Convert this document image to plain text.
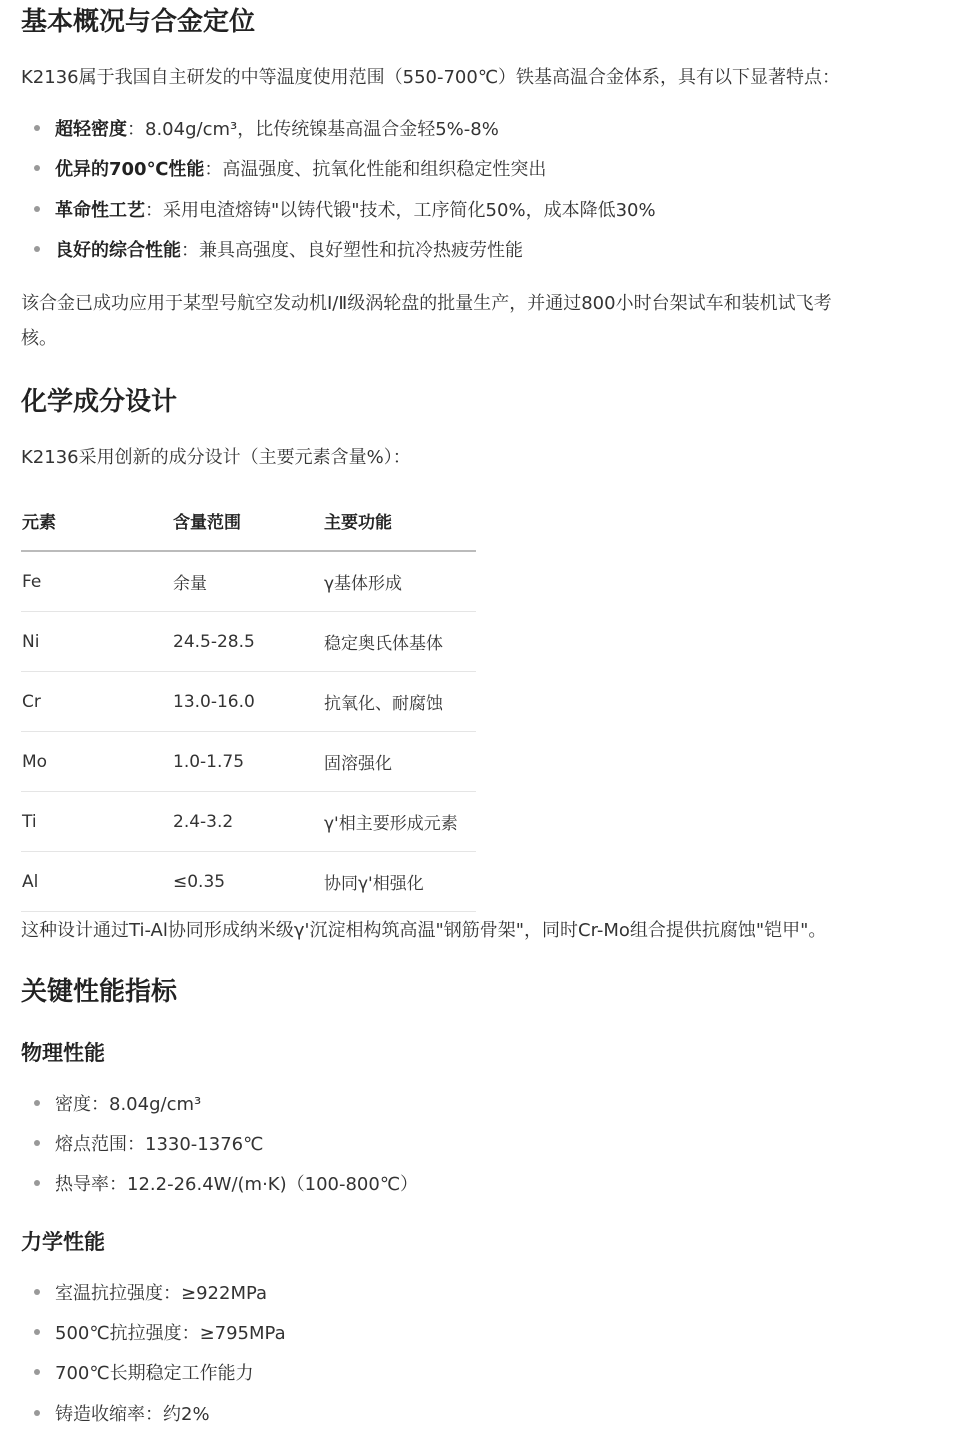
基本概况与合金定位
K2136属于我国自主研发的中等温度使用范围（550-700℃）铁基高温合金体系，具有以下显著特点：
超轻密度：8.04g/cm³，比传统镍基高温合金轻5%-8%
优异的700℃性能：高温强度、抗氧化性能和组织稳定性突出
革命性工艺：采用电渣熔铸"以铸代锻"技术，工序简化50%，成本降低30%
良好的综合性能：兼具高强度、良好塑性和抗冷热疲劳性能
该合金已成功应用于某型号航空发动机Ⅰ/Ⅱ级涡轮盘的批量生产，并通过800小时台架试车和装机试飞考
核。
化学成分设计
K2136采用创新的成分设计（主要元素含量%）：
元素	含量范围	主要功能
Fe	余量	γ基体形成
Ni	24.5-28.5	稳定奥氏体基体
Cr	13.0-16.0	抗氧化、耐腐蚀
Mo	1.0-1.75	固溶强化
Ti	2.4-3.2	γ'相主要形成元素
Al	≤0.35	协同γ'相强化
这种设计通过Ti-Al协同形成纳米级γ'沉淀相构筑高温"钢筋骨架"，同时Cr-Mo组合提供抗腐蚀"铠甲"。
关键性能指标
物理性能
密度：8.04g/cm³
熔点范围：1330-1376℃
热导率：12.2-26.4W/(m·K)（100-800℃）
力学性能
室温抗拉强度：≥922MPa
500℃抗拉强度：≥795MPa
700℃长期稳定工作能力
铸造收缩率：约2%
